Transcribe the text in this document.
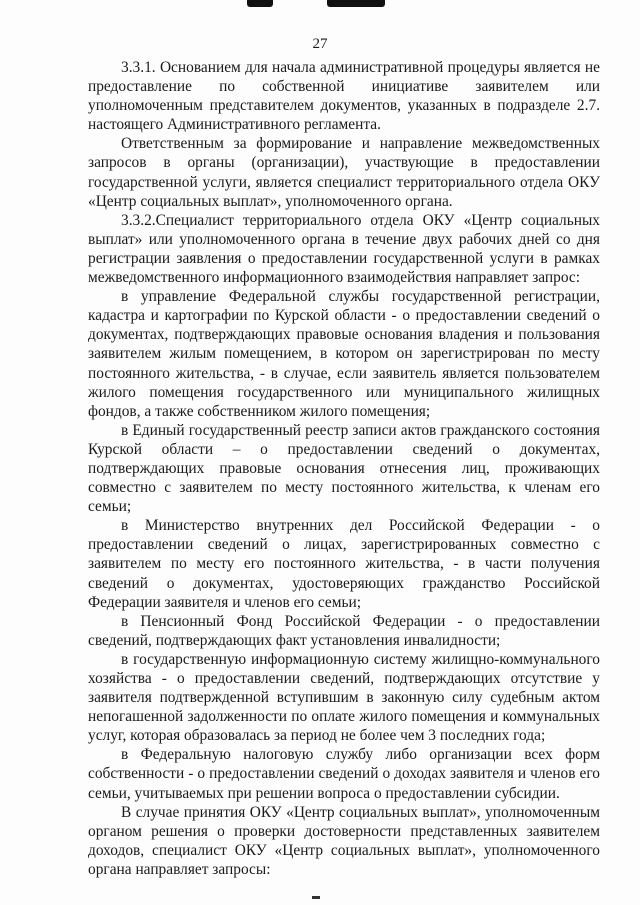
27

3.3.1. Основанием для начала административной процедуры является не предоставление по собственной инициативе заявителем или уполномоченным представителем документов, указанных в подразделе 2.7. настоящего Административного регламента.

Ответственным за формирование и направление межведомственных запросов в органы (организации), участвующие в предоставлении государственной услуги, является специалист территориального отдела ОКУ «Центр социальных выплат», уполномоченного органа.

3.3.2.Специалист территориального отдела ОКУ «Центр социальных выплат» или уполномоченного органа в течение двух рабочих дней со дня регистрации заявления о предоставлении государственной услуги в рамках межведомственного информационного взаимодействия направляет запрос:

в управление Федеральной службы государственной регистрации, кадастра и картографии по Курской области - о предоставлении сведений о документах, подтверждающих правовые основания владения и пользования заявителем жилым помещением, в котором он зарегистрирован по месту постоянного жительства, - в случае, если заявитель является пользователем жилого помещения государственного или муниципального жилищных фондов, а также собственником жилого помещения;

в Единый государственный реестр записи актов гражданского состояния Курской области – о предоставлении сведений о документах, подтверждающих правовые основания отнесения лиц, проживающих совместно с заявителем по месту постоянного жительства, к членам его семьи;

в Министерство внутренних дел Российской Федерации - о предоставлении сведений о лицах, зарегистрированных совместно с заявителем по месту его постоянного жительства, - в части получения сведений о документах, удостоверяющих гражданство Российской Федерации заявителя и членов его семьи;

в Пенсионный Фонд Российской Федерации - о предоставлении сведений, подтверждающих факт установления инвалидности;

в государственную информационную систему жилищно-коммунального хозяйства - о предоставлении сведений, подтверждающих отсутствие у заявителя подтвержденной вступившим в законную силу судебным актом непогашенной задолженности по оплате жилого помещения и коммунальных услуг, которая образовалась за период не более чем 3 последних года;

в Федеральную налоговую службу либо организации всех форм собственности - о предоставлении сведений о доходах заявителя и членов его семьи, учитываемых при решении вопроса о предоставлении субсидии.

В случае принятия ОКУ «Центр социальных выплат», уполномоченным органом решения о проверки достоверности представленных заявителем доходов, специалист ОКУ «Центр социальных выплат», уполномоченного органа направляет запросы:
